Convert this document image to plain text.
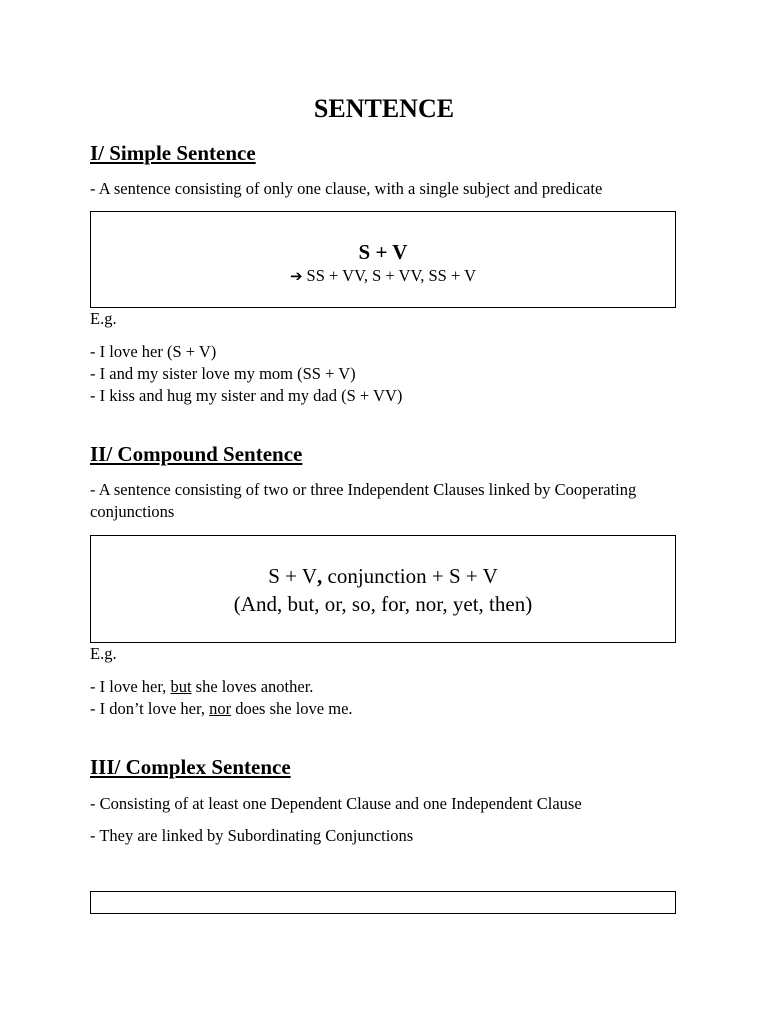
SENTENCE
I/ Simple Sentence
- A sentence consisting of only one clause, with a single subject and predicate
S + V
➔ SS + VV, S + VV, SS + V
E.g.
- I love her (S + V)
- I and my sister love my mom (SS + V)
- I kiss and hug my sister and my dad (S + VV)
II/ Compound Sentence
- A sentence consisting of two or three Independent Clauses linked by Cooperating conjunctions
S + V, conjunction + S + V
(And, but, or, so, for, nor, yet, then)
E.g.
- I love her, but she loves another.
- I don’t love her, nor does she love me.
III/ Complex Sentence
- Consisting of at least one Dependent Clause and one Independent Clause
- They are linked by Subordinating Conjunctions
